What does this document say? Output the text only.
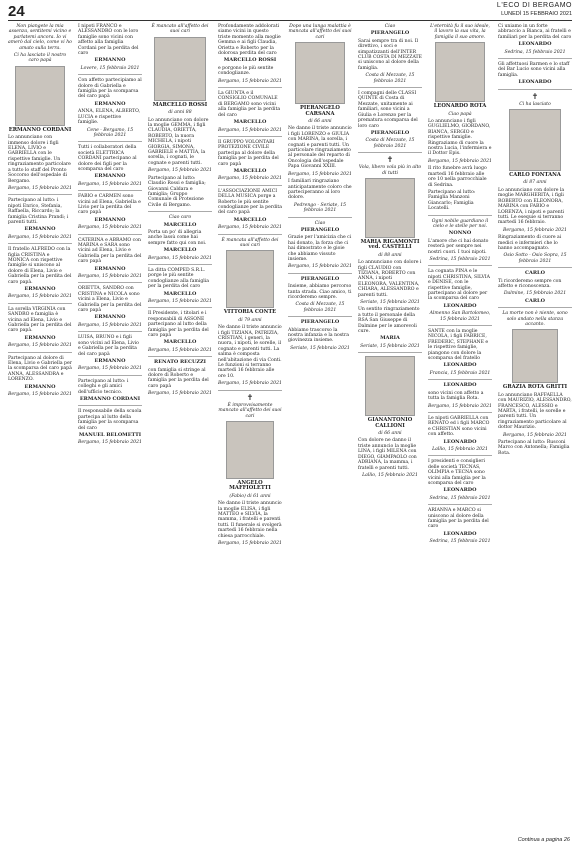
24	L'ECO DI BERGAMO
LUNEDÌ 15 FEBBRAIO 2021

Non piangete la mia assenza, sentitemi vicino e parlatemi ancora. Io vi amerò dal cielo, come vi ho amato sulla terra.

Ci ha lasciato il nostro caro papà

ERMANNO CORDANI

Lo annunciano con immenso dolore i figli ELENA, LIVIO e GABRIELLA con le rispettive famiglie. Un ringraziamento particolare a tutto lo staff del Pronto Soccorso dell'ospedale di Bergamo.

Bergamo, 15 febbraio 2021

Partecipano al lutto: i nipoti Enrico, Stefania, Raffaella, Riccardo; la famiglia Cristina Prandi; i parenti tutti.

ERMANNO

Bergamo, 15 febbraio 2021

Il fratello ALFREDO con la figlia CRISTINA e MONICA con rispettive famiglie si uniscono al dolore di Elena, Livio e Gabriella per la perdita del caro papà.

ERMANNO

Bergamo, 15 febbraio 2021

La sorella VIRGINIA con SANDRO e famiglia è vicina ad Elena, Livio e Gabriella per la perdita del caro papà.

ERMANNO

Bergamo, 15 febbraio 2021

Partecipano al dolore di Elena, Livio e Gabriella per la scomparsa del caro papà ANNA, ALESSANDRA e LORENZO.

ERMANNO

Bergamo, 15 febbraio 2021

I nipoti FRANCO e ALESSANDRO con le loro famiglie sono vicini con affetto alla famiglia Cordani per la perdita del caro

ERMANNO

Lovere, 15 febbraio 2021

Con affetto partecipiamo al dolore di Gabriella e famiglia per la scomparsa del caro papà

ERMANNO

ANNA, ELENA, ALBERTO, LUCIA e rispettive famiglie.

Cene - Bergamo, 15 febbraio 2021

Tutti i collaboratori della società ELETTRICA CORDANI partecipano al dolore dei figli per la scomparsa del caro

ERMANNO

Bergamo, 15 febbraio 2021

FABIO e CARMEN sono vicini ad Elena, Gabriella e Livio per la perdita del caro papà

ERMANNO

Bergamo, 15 febbraio 2021

CATERINA e ABRAMO con MARINA e SARA sono vicini ad Elena, Livio e Gabriella per la perdita del caro papà

ERMANNO

Bergamo, 15 febbraio 2021

ORIETTA, SANDRO con CRISTINA e NICOLA sono vicini a Elena, Livio e Gabriella per la perdita del caro papà

ERMANNO

Bergamo, 15 febbraio 2021

LUISA, BRUNO e i figli sono vicini ad Elena, Livio e Gabriella per la perdita del caro papà

ERMANNO

Bergamo, 15 febbraio 2021

Partecipano al lutto: i colleghi e gli amici dell'ufficio tecnico.

ERMANNO CORDANI

Il responsabile della scuola partecipa al lutto della famiglia per la scomparsa del caro

MANUEL BELOMETTI

Bergamo, 15 febbraio 2021

È mancato all'affetto dei suoi cari

MARCELLO ROSSI

di anni 88

Lo annunciano con dolore la moglie GEMMA, i figli CLAUDIA, ORIETTA, ROBERTO, la nuora MICHELA, i nipoti GIORGIA, SIMONA, GABRIELE e MATTIA, la sorella, i cognati, le cognate e parenti tutti.

Bergamo, 15 febbraio 2021

Partecipano al lutto: Claudio Rossi e famiglia; Giovanni Caldara e famiglia; Gruppo Comunale di Protezione Civile di Bergamo.

Ciao caro

MARCELLO

Porta un po' di allegria anche lassù come hai sempre fatto qui con noi.

MARCELLO

Bergamo, 15 febbraio 2021

La ditta COMPED S.R.L. porge le più sentite condoglianze alla famiglia per la perdita del caro

MARCELLO

Bergamo, 15 febbraio 2021

Il Presidente, i titolari e i responsabili di ASSONE partecipano al lutto della famiglia per la perdita del caro papà

MARCELLO

Bergamo, 15 febbraio 2021

RENATO RECUZZI

con famiglia si stringe al dolore di Roberto e famiglia per la perdita del caro papà

Bergamo, 15 febbraio 2021

Profondamente addolorati siamo vicini in questo triste momento alla moglie Gemma e ai figli Claudia, Orietta e Roberto per la dolorosa perdita del caro

MARCELLO ROSSI

e porgono le più sentite condoglianze.

Bergamo, 15 febbraio 2021

La GIUNTA e il CONSIGLIO COMUNALE di BERGAMO sono vicini alla famiglia per la perdita del caro

MARCELLO

Bergamo, 15 febbraio 2021

Il GRUPPO VOLONTARI PROTEZIONE CIVILE partecipa al dolore della famiglia per la perdita del caro papà

MARCELLO

Bergamo, 15 febbraio 2021

L'ASSOCIAZIONE AMICI DELLA MUSICA porge a Roberto le più sentite condoglianze per la perdita del caro papà

MARCELLO

Bergamo, 15 febbraio 2021

È mancata all'affetto dei suoi cari

VITTORIA CONTE

di 79 anni

Ne danno il triste annuncio i figli TIZIANA, PATRIZIA, CRISTIAN, i generi, la nuora, i nipoti, le sorelle, il cognato e parenti tutti. La salma è composta nell'abitazione di via Conti. Le funzioni si terranno martedì 16 febbraio alle ore 10.

Bergamo, 15 febbraio 2021

✝

È improvvisamente mancato all'affetto dei suoi cari

ANGELO MAFFIOLETTI

(Fabio) di 61 anni

Ne danno il triste annuncio la moglie ELISA, i figli MATTEO e SILVIA, la mamma, i fratelli e parenti tutti. Il funerale si svolgerà martedì 16 febbraio nella chiesa parrocchiale.

Bergamo, 15 febbraio 2021

Dopo una lunga malattia è mancata all'affetto dei suoi cari

PIERANGELO CARSANA

di 66 anni

Ne danno il triste annuncio i figli LORENZO e GIULIA con MARINA, la sorella, i cognati e parenti tutti. Un particolare ringraziamento al personale del reparto di Oncologia dell'ospedale Papa Giovanni XXIII.

Bergamo, 15 febbraio 2021

I familiari ringraziano anticipatamente coloro che parteciperanno al loro dolore.

Pedrengo - Seriate, 15 febbraio 2021

Ciao

PIERANGELO

Grazie per l'amicizia che ci hai donato, la forza che ci hai dimostrato e le gioie che abbiamo vissuto insieme.

Bergamo, 15 febbraio 2021

PIERANGELO

Insieme, abbiamo percorso tanta strada. Ciao amico, ti ricorderemo sempre.

Costa di Mezzate, 15 febbraio 2021

PIERANGELO

Abbiamo trascorso la nostra infanzia e la nostra giovinezza insieme.

Seriate, 15 febbraio 2021

Ciao

PIERANGELO

Sarai sempre tra di noi. Il direttivo, i soci e simpatizzanti dell'INTER CLUB COSTA DI MEZZATE si uniscono al dolore della famiglia.

Costa di Mezzate, 15 febbraio 2021

I compagni delle CLASSI QUINTE di Costa di Mezzate, unitamente ai familiari, sono vicini a Giulia e Lorenzo per la prematura scomparsa del loro caro

PIERANGELO

Costa di Mezzate, 15 febbraio 2021

✝

Vola, libero vola più in alto di tutti

MARIA RIGAMONTI ved. CASTELLI

di 88 anni

Lo annunciano con dolore i figli CLAUDIO con TIZIANA, ROBERTO con ANNA, i nipoti ELEONORA, VALENTINA, CHIARA, ALESSANDRO e parenti tutti.

Seriate, 15 febbraio 2021

Un sentito ringraziamento a tutto il personale della RSA San Giuseppe di Dalmine per le amorevoli cure.

MARIA

Seriate, 15 febbraio 2021

GIANANTONIO CALLIONI

di 66 anni

Con dolore ne danno il triste annuncio la moglie LINA, i figli MILENA con DIEGO, GIAMPAOLO con ADRIANA, la mamma, i fratelli e parenti tutti.

Lallio, 15 febbraio 2021

L'eternità fu il suo ideale, il lavoro la sua vita, la famiglia il suo amore.

LEONARDO ROTA

Ciao papà

Lo annunciano i figli GUGLIELMO, GIORDANO, BIANCA, SERGIO e rispettive famiglie. Ringraziamo di cuore la nostra Lucia, l'infermiera e il Dottor Epis.

Bergamo, 15 febbraio 2021

Il rito funebre avrà luogo martedì 16 febbraio alle ore 10 nella parrocchiale di Sedrina.

Partecipano al lutto: Famiglia Manzoni Giancarlo; Famiglia Locatelli.

Ogni nobile guardiano il cielo e le stelle per noi.

NONNO

L'amore che ci hai donato resterà per sempre nei nostri cuori. I tuoi nipoti.

Sedrina, 15 febbraio 2021

La cognata PINA e le nipoti CHRISTINA, SILVIA e DENISE, con le rispettive famiglie, partecipano al dolore per la scomparsa del caro

LEONARDO

Almenno San Bartolomeo, 15 febbraio 2021

SANTE con la moglie NICOLA, i figli FABRICE, FREDERIC, STEPHANE e le rispettive famiglie, piangono con dolore la scomparsa del fratello

LEONARDO

Francia, 15 febbraio 2021

LEONARDO

sono vicini con affetto a tutta la famiglia Rota.

Bergamo, 15 febbraio 2021

Le nipoti GABRIELLA con RENATO ed i figli MARCO e CHRISTIAN sono vicini con affetto.

LEONARDO

Lallio, 15 febbraio 2021

I presidenti e consiglieri delle società TECNAS, OLIMPIA e TECNA sono vicini alla famiglia per la scomparsa del caro

LEONARDO

Sedrina, 15 febbraio 2021

ARIANNA e MARCO si uniscono al dolore della famiglia per la perdita del caro

LEONARDO

Sedrina, 15 febbraio 2021

Ci uniamo in un forte abbraccio a Bianca, ai fratelli e familiari per la perdita del caro

LEONARDO

Sedrina, 15 febbraio 2021

Gli affettuosi Barmen e lo staff del Bar Lucio sono vicini alla famiglia.

LEONARDO

✝

Ci ha lasciato

CARLO FONTANA

di 87 anni

Lo annunciano con dolore la moglie MARGHERITA, i figli ROBERTO con ELEONORA, MARINA con FABIO e LORENZA, i nipoti e parenti tutti. Le esequie si terranno martedì 16 febbraio.

Bergamo, 15 febbraio 2021

Ringraziamento di cuore ai medici e infermieri che lo hanno accompagnato.

Osio Sotto - Osio Sopra, 15 febbraio 2021

CARLO

Ti ricorderemo sempre con affetto e riconoscenza.

Dalmine, 15 febbraio 2021

CARLO

La morte non è niente, sono solo andato nella stanza accanto.

GRAZIA ROTA GRITTI

Lo annunciano RAFFAELLA con MAURIZIO, ALESSANDRO, FRANCESCO, ALESSIO e MARTA, i fratelli, le sorelle e parenti tutti. Un ringraziamento particolare al dottor Maurizio.

Bergamo, 15 febbraio 2021

Partecipano al lutto: Rusconi Marco con Antonella; Famiglia Rota.

Continua a pagina 26
